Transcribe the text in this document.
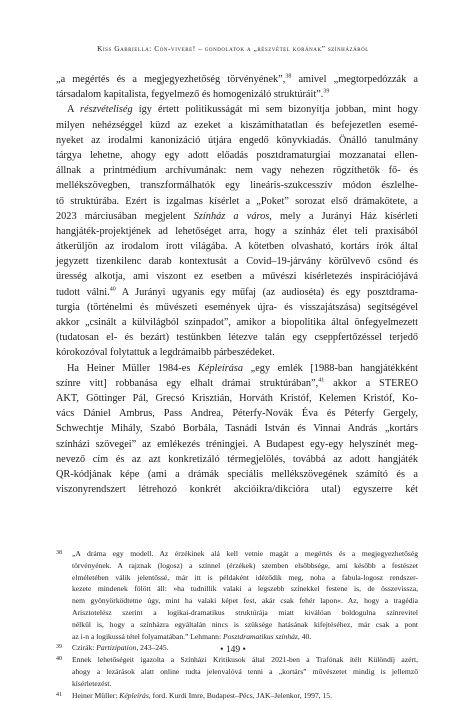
Kiss Gabriella: Con-vivere! – gondolatok a „részvétel korának” színházáról
„a megértés és a megjegyezhetőség törvényének”,$^{38}$ amivel „megtorpedózzák a
társadalom kapitalista, fegyelmező és homogenizáló struktúráit”.$^{39}$
A részvételiség így értett politikusságát mi sem bizonyítja jobban, mint hogy
milyen nehézséggel küzd az ezeket a kiszámíthatatlan és befejezetlen esemé-
nyeket az irodalmi kanonizáció útjára engedő könyvkiadás. Önálló tanulmány
tárgya lehetne, ahogy egy adott előadás posztdramaturgiai mozzanatai ellen-
állnak a printmédium archívumának: nem vagy nehezen rögzíthetők fő- és
mellékszövegben, transzformálhatók egy lineáris-szukcesszív módon észlelhe-
tő struktúrába. Ezért is izgalmas kísérlet a „Poket” sorozat első drámakötete, a
2023 márciusában megjelent Színház a város, mely a Jurányi Ház kísérleti
hangjáték-projektjének ad lehetőséget arra, hogy a színház élet teli praxisából
átkerüljön az irodalom írott világába. A kötetben olvasható, kortárs írók által
jegyzett tizenkilenc darab kontextusát a Covid–19-járvány körülvevő csönd és
üresség alkotja, ami viszont ez esetben a művészi kísérletezés inspirációjává
tudott válni.$^{40}$ A Jurányi ugyanis egy műfaj (az audioséta) és egy posztdrama-
turgia (történelmi és művészeti események újra- és visszajátszása) segítségével
akkor „csinált a külvilágból színpadot”, amikor a biopolitika által önfegyelmezett
(tudatosan el- és bezárt) testünkben létezve talán egy cseppfertőzéssel terjedő
kórokozóval folytattuk a legdrámaibb párbeszédeket.
Ha Heiner Müller 1984-es Képleírása „egy emlék [1988-ban hangjátékként
színre vitt] robbanása egy elhalt drámai struktúrában”,$^{41}$ akkor a STEREO
AKT, Göttinger Pál, Grecsó Krisztián, Horváth Kristóf, Kelemen Kristóf, Ko-
vács Dániel Ambrus, Pass Andrea, Péterfy-Novák Éva és Péterfy Gergely,
Schwechtje Mihály, Szabó Borbála, Tasnádi István és Vinnai András „kortárs
színházi szövegei” az emlékezés tréningjei. A Budapest egy-egy helyszínét meg-
nevező cím és az azt konkretizáló térmegjelölés, továbbá az adott hangjáték
QR-kódjának képe (ami a drámák speciális mellékszövegének számító és a
viszonyrendszert létrehozó konkrét akcióikra/dikcióra utal) egyszerre két
38 „A dráma egy modell. Az érzékinek alá kell vetnie magát a megértés és a megjegyezhetőség
törvényének. A rajznak (logosz) a színnel (érzékek) szemben elsőbbsége, ami később a festészet
elméletében válik jelentőssé, már itt is példaként idéződik meg, noha a fabula-logosz rendszer-
kezete mindenek fölött áll: »ha tudnillik valaki a legszebb színekkel festene is, de összevissza,
nem gyönyörködtetne úgy, mint ha valaki képet fest, akár csak fehér lapon«. Az, hogy a tragédia
Arisztotelész szerint a logikai-dramatikus struktúrája miatt kiválóan boldogulna színrevitel
nélkül is, hogy a színházra egyáltalán nincs is szüksége hatásának kifejtéséhez, már csak a pont
az i-n a logikussá tétel folyamatában.” Lehmann: Posztdramatikus színház, 40.
39 Czirák: Partizipation, 243–245.
40 Ennek lehetőségeit igazolta a Színházi Kritikusok által 2021-ben a Trafónak ítélt Különdíj azért,
ahogy a lezárások alatt online tudta jelenvalóvá tenni a „kortárs” művészetet mindig is jellemző
kísérletezést.
41 Heiner Müller: Képleírás, ford. Kurdi Imre, Budapest–Pécs, JAK–Jelenkor, 1997, 15.
• 149 •
